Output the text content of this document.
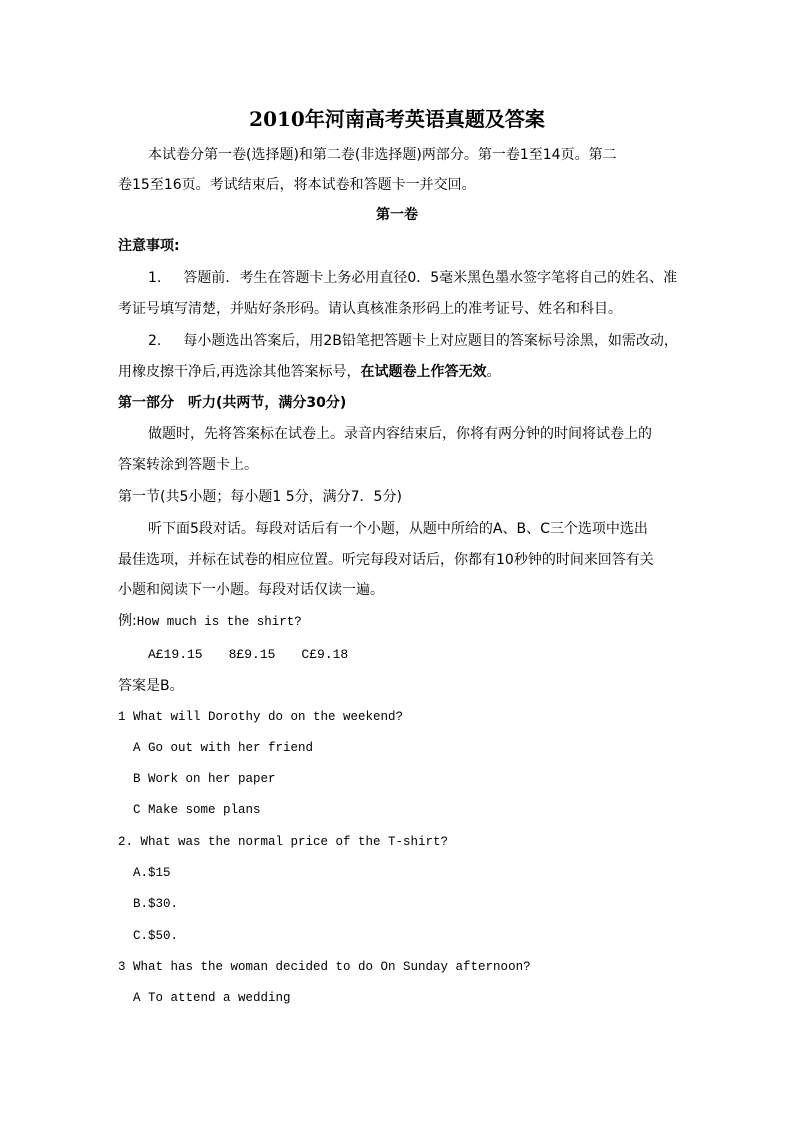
2010年河南高考英语真题及答案
本试卷分第一卷(选择题)和第二卷(非选择题)两部分。第一卷1至14页。第二
卷15至16页。考试结束后，将本试卷和答题卡一并交回。
第一卷
注意事项:
1. 答题前．考生在答题卡上务必用直径0．5毫米黑色墨水签字笔将自己的姓名、准
考证号填写清楚，并贴好条形码。请认真核准条形码上的准考证号、姓名和科目。
2. 每小题选出答案后，用2B铅笔把答题卡上对应题目的答案标号涂黑，如需改动，
用橡皮擦干净后,再选涂其他答案标号，在试题卷上作答无效。
第一部分　听力(共两节，满分30分)
做题时，先将答案标在试卷上。录音内容结束后，你将有两分钟的时间将试卷上的
答案转涂到答题卡上。
第一节(共5小题；每小题1 5分，满分7．5分)
听下面5段对话。每段对话后有一个小题，从题中所给的A、B、C三个选项中选出
最佳选项，并标在试卷的相应位置。听完每段对话后，你都有10秒钟的时间来回答有关
小题和阅读下一小题。每段对话仅读一遍。
例:How much is the shirt?
A£19.15 8£9.15 C£9.18
答案是B。
1 What will Dorothy do on the weekend?
A Go out with her friend
B Work on her paper
C Make some plans
2. What was the normal price of the T-shirt?
A.$15
B.$30.
C.$50.
3 What has the woman decided to do On Sunday afternoon?
A To attend a wedding
